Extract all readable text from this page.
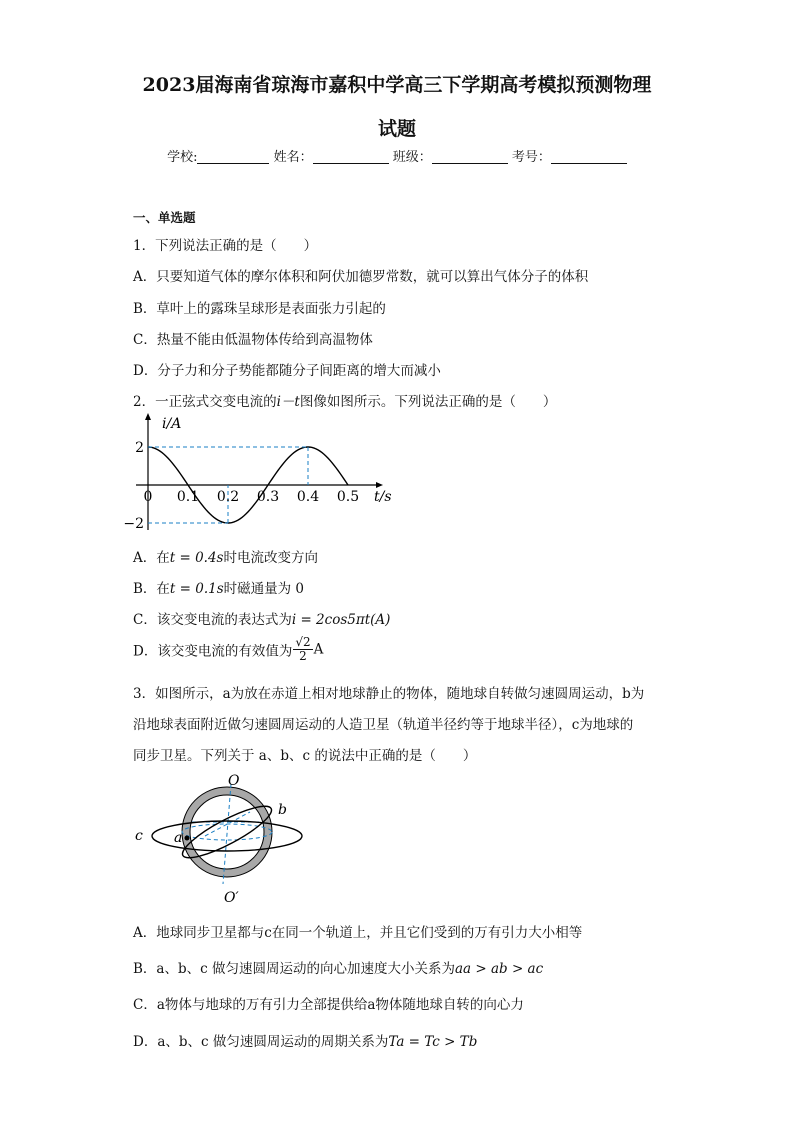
2023届海南省琼海市嘉积中学高三下学期高考模拟预测物理
试题
学校:	姓名：	班级：	考号：
一、单选题
1．下列说法正确的是（　　）
A．只要知道气体的摩尔体积和阿伏加德罗常数，就可以算出气体分子的体积
B．草叶上的露珠呈球形是表面张力引起的
C．热量不能由低温物体传给到高温物体
D．分子力和分子势能都随分子间距离的增大而减小
2．一正弦式交变电流的i－t图像如图所示。下列说法正确的是（　　）
0 0.1 0.2 0.3 0.4 0.5
2
−2
i/A
t/s
A．在t = 0.4s时电流改变方向
B．在t = 0.1s时磁通量为 0
C．该交变电流的表达式为i = 2cos5πt(A)
D．该交变电流的有效值为 $\frac{√2}{2}$ A
3．如图所示，a为放在赤道上相对地球静止的物体，随地球自转做匀速圆周运动，b为
沿地球表面附近做匀速圆周运动的人造卫星（轨道半径约等于地球半径），c为地球的
同步卫星。下列关于 a、b、c 的说法中正确的是（　　）
O
O′
a
b
c
A．地球同步卫星都与c在同一个轨道上，并且它们受到的万有引力大小相等
B．a、b、c 做匀速圆周运动的向心加速度大小关系为aa > ab > ac
C．a物体与地球的万有引力全部提供给a物体随地球自转的向心力
D．a、b、c 做匀速圆周运动的周期关系为Ta = Tc > Tb
